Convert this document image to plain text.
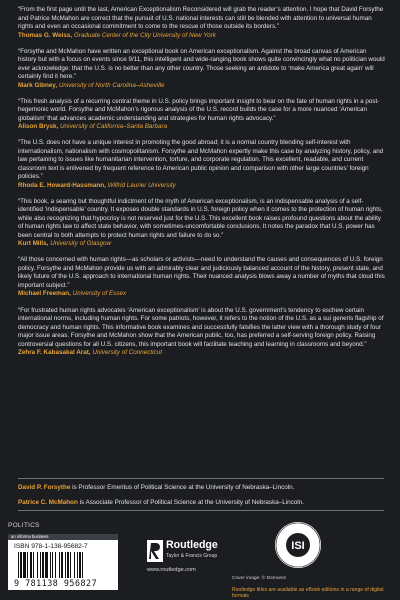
“From the first page until the last, American Exceptionalism Reconsidered will grab the reader’s attention. I hope that David Forsythe and Patrice McMahon are correct that the pursuit of U.S. national interests can still be blended with attention to universal human rights and even an occasional commitment to come to the rescue of those outside its borders.”

Thomas G. Weiss, Graduate Center of the City University of New York

“Forsythe and McMahon have written an exceptional book on American exceptionalism. Against the broad canvas of American history but with a focus on events since 9/11, this intelligent and wide-ranging book shows quite convincingly what no politician would ever acknowledge: that the U.S. is no better than any other country. Those seeking an antidote to ‘make America great again’ will certainly find it here.”

Mark Gibney, University of North Carolina–Asheville

“This fresh analysis of a recurring central theme in U.S. policy brings important insight to bear on the fate of human rights in a post-hegemonic world. Forsythe and McMahon’s rigorous analysis of the U.S. record builds the case for a more nuanced ‘American globalism’ that advances academic understanding and strategies for human rights advocacy.”

Alison Brysk, University of California–Santa Barbara

“The U.S. does not have a unique interest in promoting the good abroad; it is a normal country blending self-interest with internationalism, nationalism with cosmopolitanism. Forsythe and McMahon expertly make this case by analyzing history, policy, and law pertaining to issues like humanitarian intervention, torture, and corporate regulation. This excellent, readable, and current classroom text is enlivened by frequent reference to American public opinion and comparison with other large countries’ foreign policies.”

Rhoda E. Howard-Hassmann, Wilfrid Laurier University

“This book, a searing but thoughtful indictment of the myth of American exceptionalism, is an indispensable analysis of a self-identified ‘indispensable’ country. It exposes double standards in U.S. foreign policy when it comes to the protection of human rights, while also recognizing that hypocrisy is not reserved just for the U.S. This excellent book raises profound questions about the ability of human rights law to affect state behavior, with sometimes-uncomfortable conclusions. It notes the paradox that U.S. power has been central to both attempts to protect human rights and failure to do so.”

Kurt Mills, University of Glasgow

“All those concerned with human rights—as scholars or activists—need to understand the causes and consequences of U.S. foreign policy. Forsythe and McMahon provide us with an admirably clear and judiciously balanced account of the history, present state, and likely future of the U.S. approach to international human rights. Their nuanced analysis blows away a number of myths that cloud this important subject.”

Michael Freeman, University of Essex

“For frustrated human rights advocates ‘American exceptionalism’ is about the U.S. government’s tendency to eschew certain international norms, including human rights. For some patriots, however, it refers to the notion of the U.S. as a sui generis flagship of democracy and human rights. This informative book examines and successfully falsifies the latter view with a thorough study of four major issue areas. Forsythe and McMahon show that the American public, too, has preferred a self-serving foreign policy. Raising controversial questions for all U.S. citizens, this important book will facilitate teaching and learning in classrooms and beyond.”

Zehra F. Kabasakal Arat, University of Connecticut

David P. Forsythe is Professor Emeritus of Political Science at the University of Nebraska–Lincoln.

Patrice C. McMahon is Associate Professor of Political Science at the University of Nebraska–Lincoln.

POLITICS
an informa business
ISBN 978-1-138-95682-7
9 781138 956827
Routledge
Taylor & Francis Group
www.routledge.com
ISI
Cover image: © Demurez
Routledge titles are available as eBook editions in a range of digital formats
